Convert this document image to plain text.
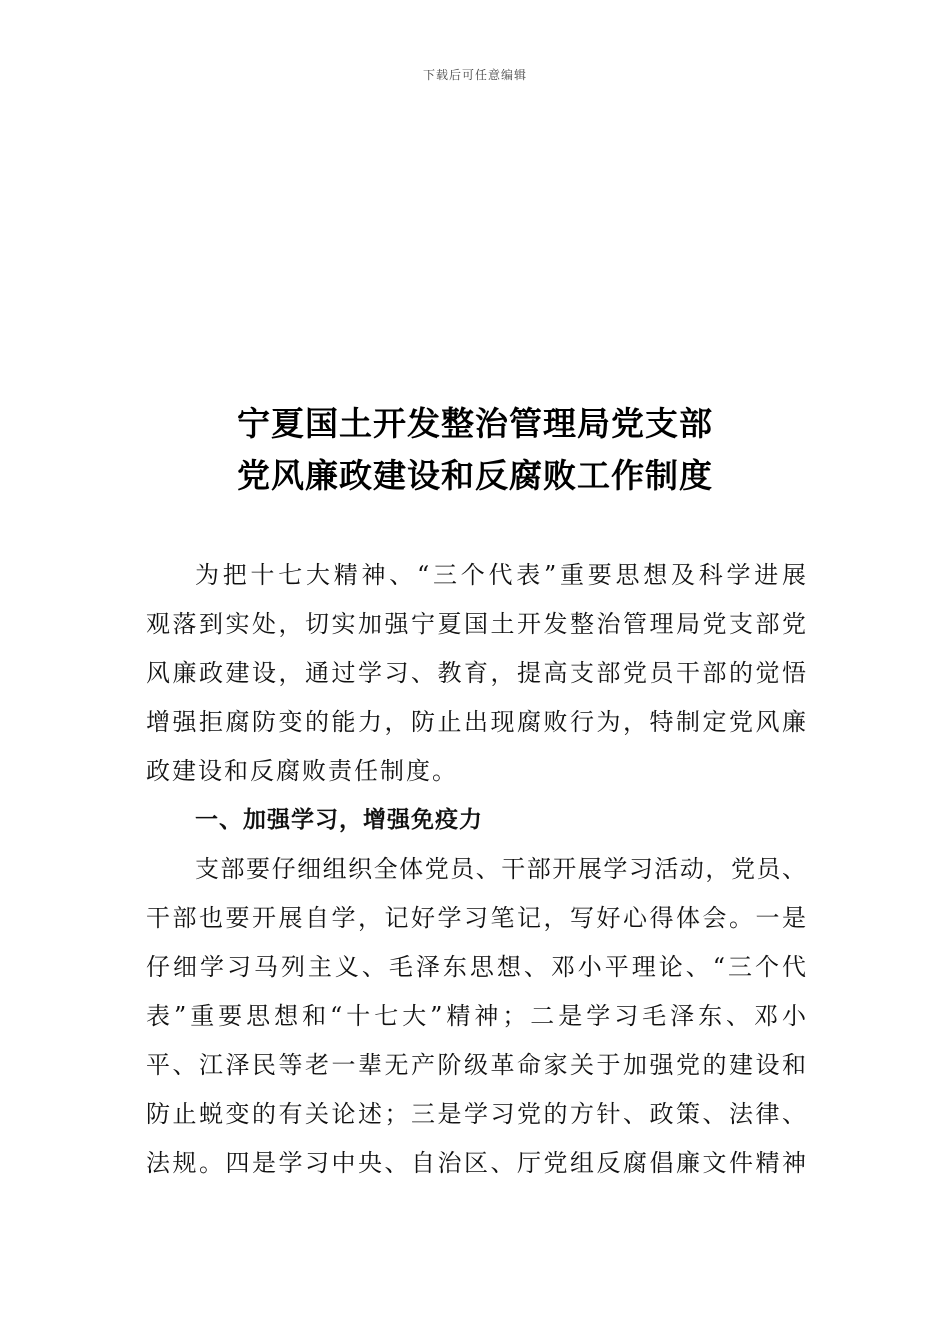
下载后可任意编辑

宁夏国土开发整治管理局党支部

党风廉政建设和反腐败工作制度

为把十七大精神、“三个代表”重要思想及科学进展
观落到实处，切实加强宁夏国土开发整治管理局党支部党
风廉政建设，通过学习、教育，提高支部党员干部的觉悟
增强拒腐防变的能力，防止出现腐败行为，特制定党风廉
政建设和反腐败责任制度。
一、加强学习，增强免疫力
支部要仔细组织全体党员、干部开展学习活动，党员、
干部也要开展自学，记好学习笔记，写好心得体会。一是
仔细学习马列主义、毛泽东思想、邓小平理论、“三个代
表”重要思想和“十七大”精神；二是学习毛泽东、邓小
平、江泽民等老一辈无产阶级革命家关于加强党的建设和
防止蜕变的有关论述；三是学习党的方针、政策、法律、
法规。四是学习中央、自治区、厅党组反腐倡廉文件精神
